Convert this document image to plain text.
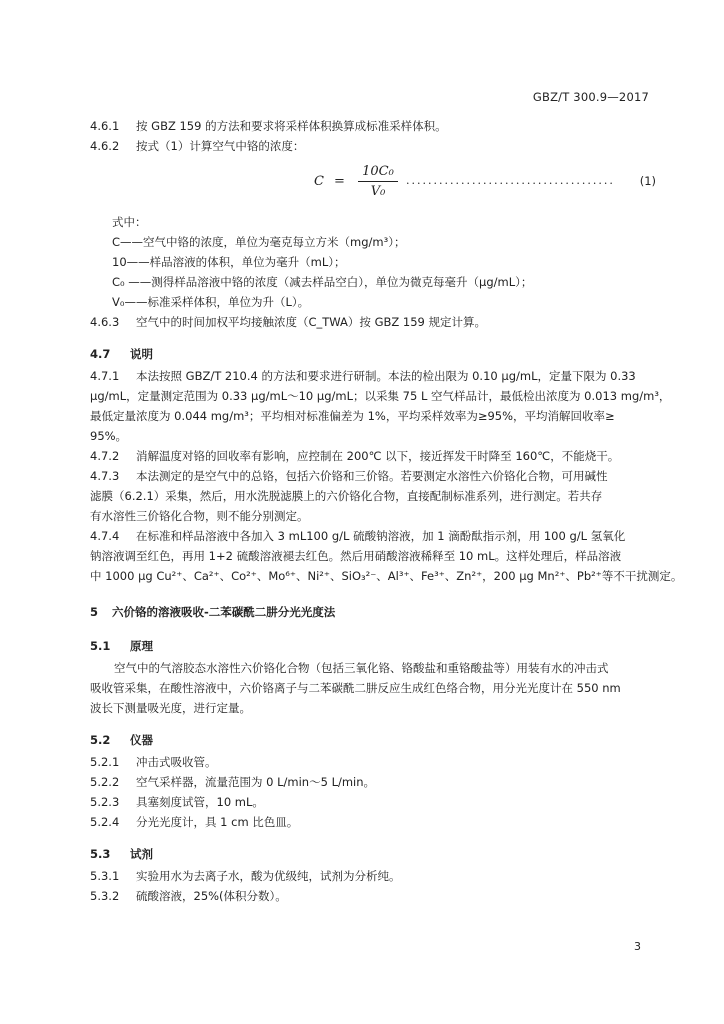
GBZ/T 300.9—2017
4.6.1 按 GBZ 159 的方法和要求将采样体积换算成标准采样体积。
4.6.2 按式（1）计算空气中铬的浓度：
C =
10C₀
V₀
...................................... (1)
式中：
C——空气中铬的浓度，单位为毫克每立方米（mg/m³）；
10——样品溶液的体积，单位为毫升（mL）；
C₀ ——测得样品溶液中铬的浓度（减去样品空白），单位为微克每毫升（μg/mL）；
V₀——标准采样体积，单位为升（L）。
4.6.3 空气中的时间加权平均接触浓度（C_TWA）按 GBZ 159 规定计算。
4.7 说明
4.7.1 本法按照 GBZ/T 210.4 的方法和要求进行研制。本法的检出限为 0.10 μg/mL，定量下限为 0.33
μg/mL，定量测定范围为 0.33 μg/mL～10 μg/mL；以采集 75 L 空气样品计，最低检出浓度为 0.013 mg/m³，
最低定量浓度为 0.044 mg/m³；平均相对标准偏差为 1%，平均采样效率为≥95%，平均消解回收率≥
95%。
4.7.2 消解温度对铬的回收率有影响，应控制在 200℃ 以下，接近挥发干时降至 160℃，不能烧干。
4.7.3 本法测定的是空气中的总铬，包括六价铬和三价铬。若要测定水溶性六价铬化合物，可用碱性
滤膜（6.2.1）采集，然后，用水洗脱滤膜上的六价铬化合物，直接配制标准系列，进行测定。若共存
有水溶性三价铬化合物，则不能分别测定。
4.7.4 在标准和样品溶液中各加入 3 mL100 g/L 硫酸钠溶液，加 1 滴酚酞指示剂，用 100 g/L 氢氧化
钠溶液调至红色，再用 1+2 硫酸溶液褪去红色。然后用硝酸溶液稀释至 10 mL。这样处理后，样品溶液
中 1000 μg Cu²⁺、Ca²⁺、Co²⁺、Mo⁶⁺、Ni²⁺、SiO₃²⁻、Al³⁺、Fe³⁺、Zn²⁺，200 μg Mn²⁺、Pb²⁺等不干扰测定。
5 六价铬的溶液吸收-二苯碳酰二肼分光光度法
5.1 原理
空气中的气溶胶态水溶性六价铬化合物（包括三氧化铬、铬酸盐和重铬酸盐等）用装有水的冲击式
吸收管采集，在酸性溶液中，六价铬离子与二苯碳酰二肼反应生成红色络合物，用分光光度计在 550 nm
波长下测量吸光度，进行定量。
5.2 仪器
5.2.1 冲击式吸收管。
5.2.2 空气采样器，流量范围为 0 L/min～5 L/min。
5.2.3 具塞刻度试管，10 mL。
5.2.4 分光光度计，具 1 cm 比色皿。
5.3 试剂
5.3.1 实验用水为去离子水，酸为优级纯，试剂为分析纯。
5.3.2 硫酸溶液，25%(体积分数）。
3
